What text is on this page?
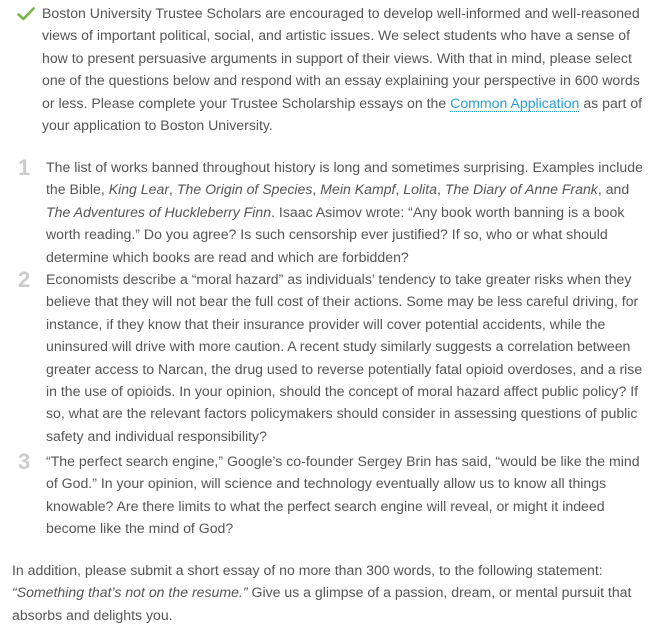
Boston University Trustee Scholars are encouraged to develop well-informed and well-reasoned views of important political, social, and artistic issues. We select students who have a sense of how to present persuasive arguments in support of their views. With that in mind, please select one of the questions below and respond with an essay explaining your perspective in 600 words or less. Please complete your Trustee Scholarship essays on the Common Application as part of your application to Boston University.
1 The list of works banned throughout history is long and sometimes surprising. Examples include the Bible, King Lear, The Origin of Species, Mein Kampf, Lolita, The Diary of Anne Frank, and The Adventures of Huckleberry Finn. Isaac Asimov wrote: “Any book worth banning is a book worth reading.” Do you agree? Is such censorship ever justified? If so, who or what should determine which books are read and which are forbidden?
2 Economists describe a “moral hazard” as individuals’ tendency to take greater risks when they believe that they will not bear the full cost of their actions. Some may be less careful driving, for instance, if they know that their insurance provider will cover potential accidents, while the uninsured will drive with more caution. A recent study similarly suggests a correlation between greater access to Narcan, the drug used to reverse potentially fatal opioid overdoses, and a rise in the use of opioids. In your opinion, should the concept of moral hazard affect public policy? If so, what are the relevant factors policymakers should consider in assessing questions of public safety and individual responsibility?
3 “The perfect search engine,” Google’s co-founder Sergey Brin has said, “would be like the mind of God.” In your opinion, will science and technology eventually allow us to know all things knowable? Are there limits to what the perfect search engine will reveal, or might it indeed become like the mind of God?
In addition, please submit a short essay of no more than 300 words, to the following statement: “Something that’s not on the resume.” Give us a glimpse of a passion, dream, or mental pursuit that absorbs and delights you.
